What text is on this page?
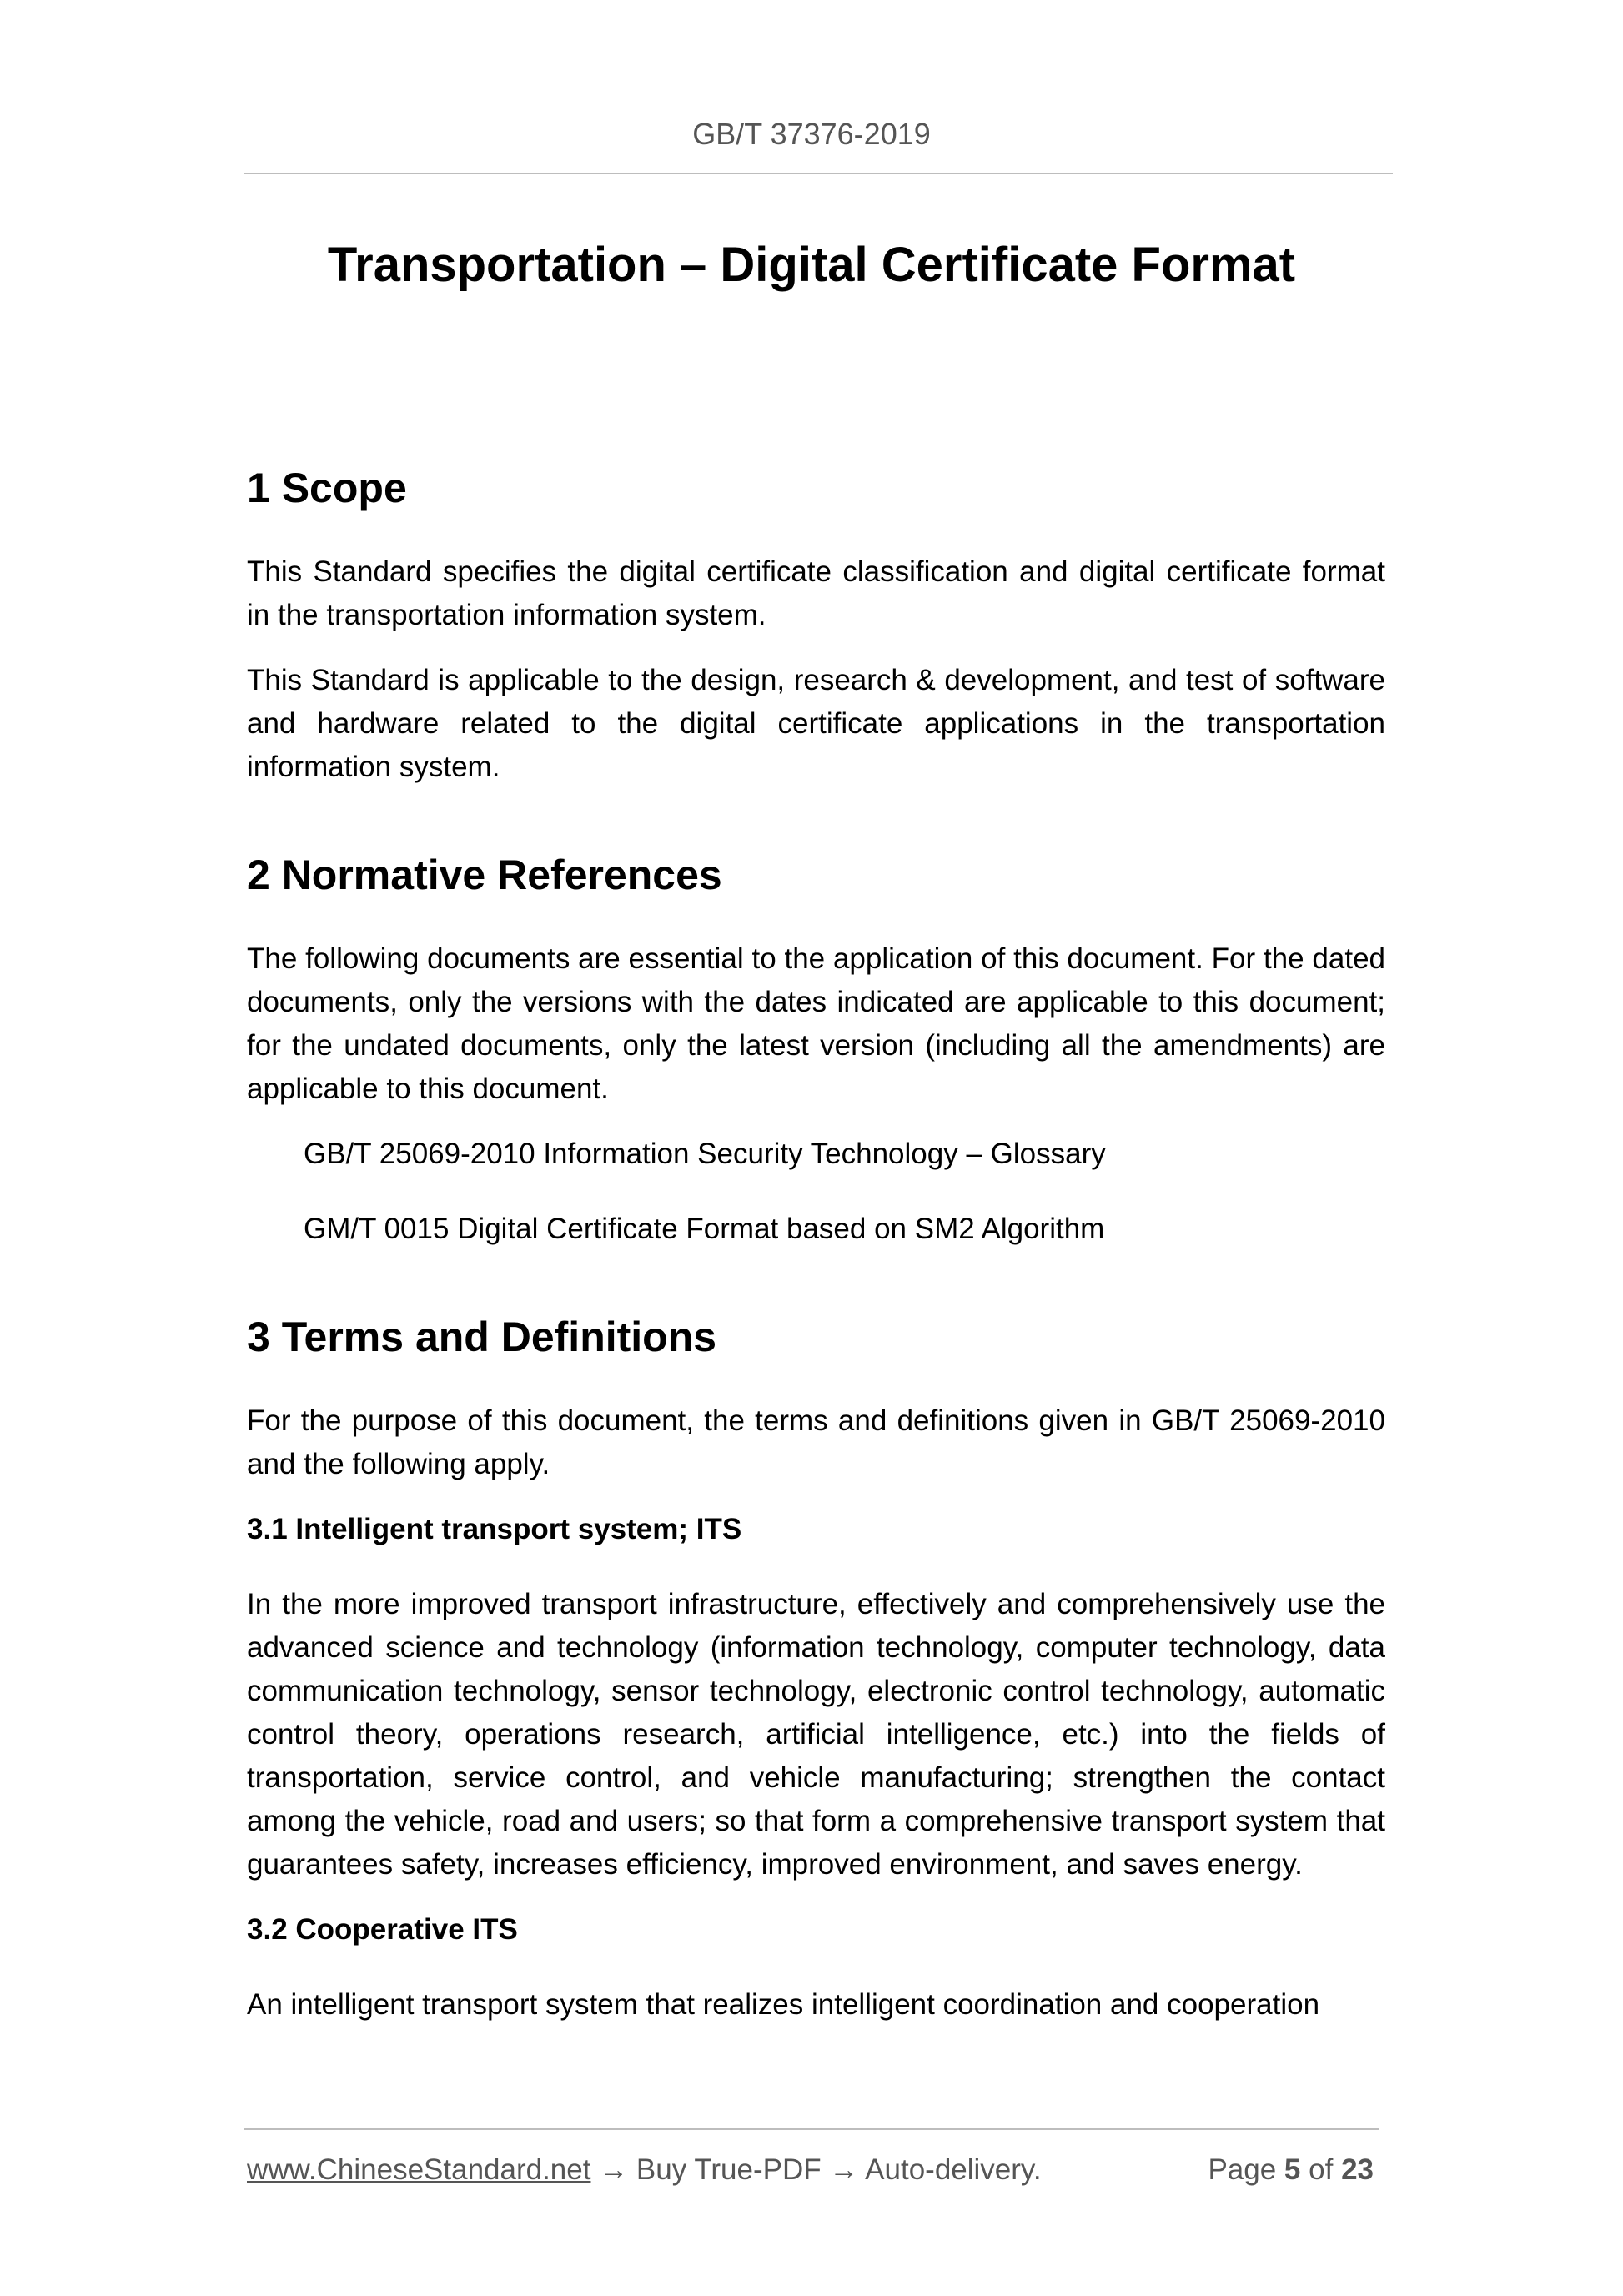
GB/T 37376-2019
Transportation – Digital Certificate Format
1 Scope

This Standard specifies the digital certificate classification and digital certificate format in the transportation information system.

This Standard is applicable to the design, research & development, and test of software and hardware related to the digital certificate applications in the transportation information system.

2 Normative References

The following documents are essential to the application of this document. For the dated documents, only the versions with the dates indicated are applicable to this document; for the undated documents, only the latest version (including all the amendments) are applicable to this document.

GB/T 25069-2010 Information Security Technology – Glossary

GM/T 0015 Digital Certificate Format based on SM2 Algorithm

3 Terms and Definitions

For the purpose of this document, the terms and definitions given in GB/T 25069-2010 and the following apply.

3.1 Intelligent transport system; ITS

In the more improved transport infrastructure, effectively and comprehensively use the advanced science and technology (information technology, computer technology, data communication technology, sensor technology, electronic control technology, automatic control theory, operations research, artificial intelligence, etc.) into the fields of transportation, service control, and vehicle manufacturing; strengthen the contact among the vehicle, road and users; so that form a comprehensive transport system that guarantees safety, increases efficiency, improved environment, and saves energy.

3.2 Cooperative ITS

An intelligent transport system that realizes intelligent coordination and cooperation

www.ChineseStandard.net → Buy True-PDF → Auto-delivery.	Page 5 of 23
